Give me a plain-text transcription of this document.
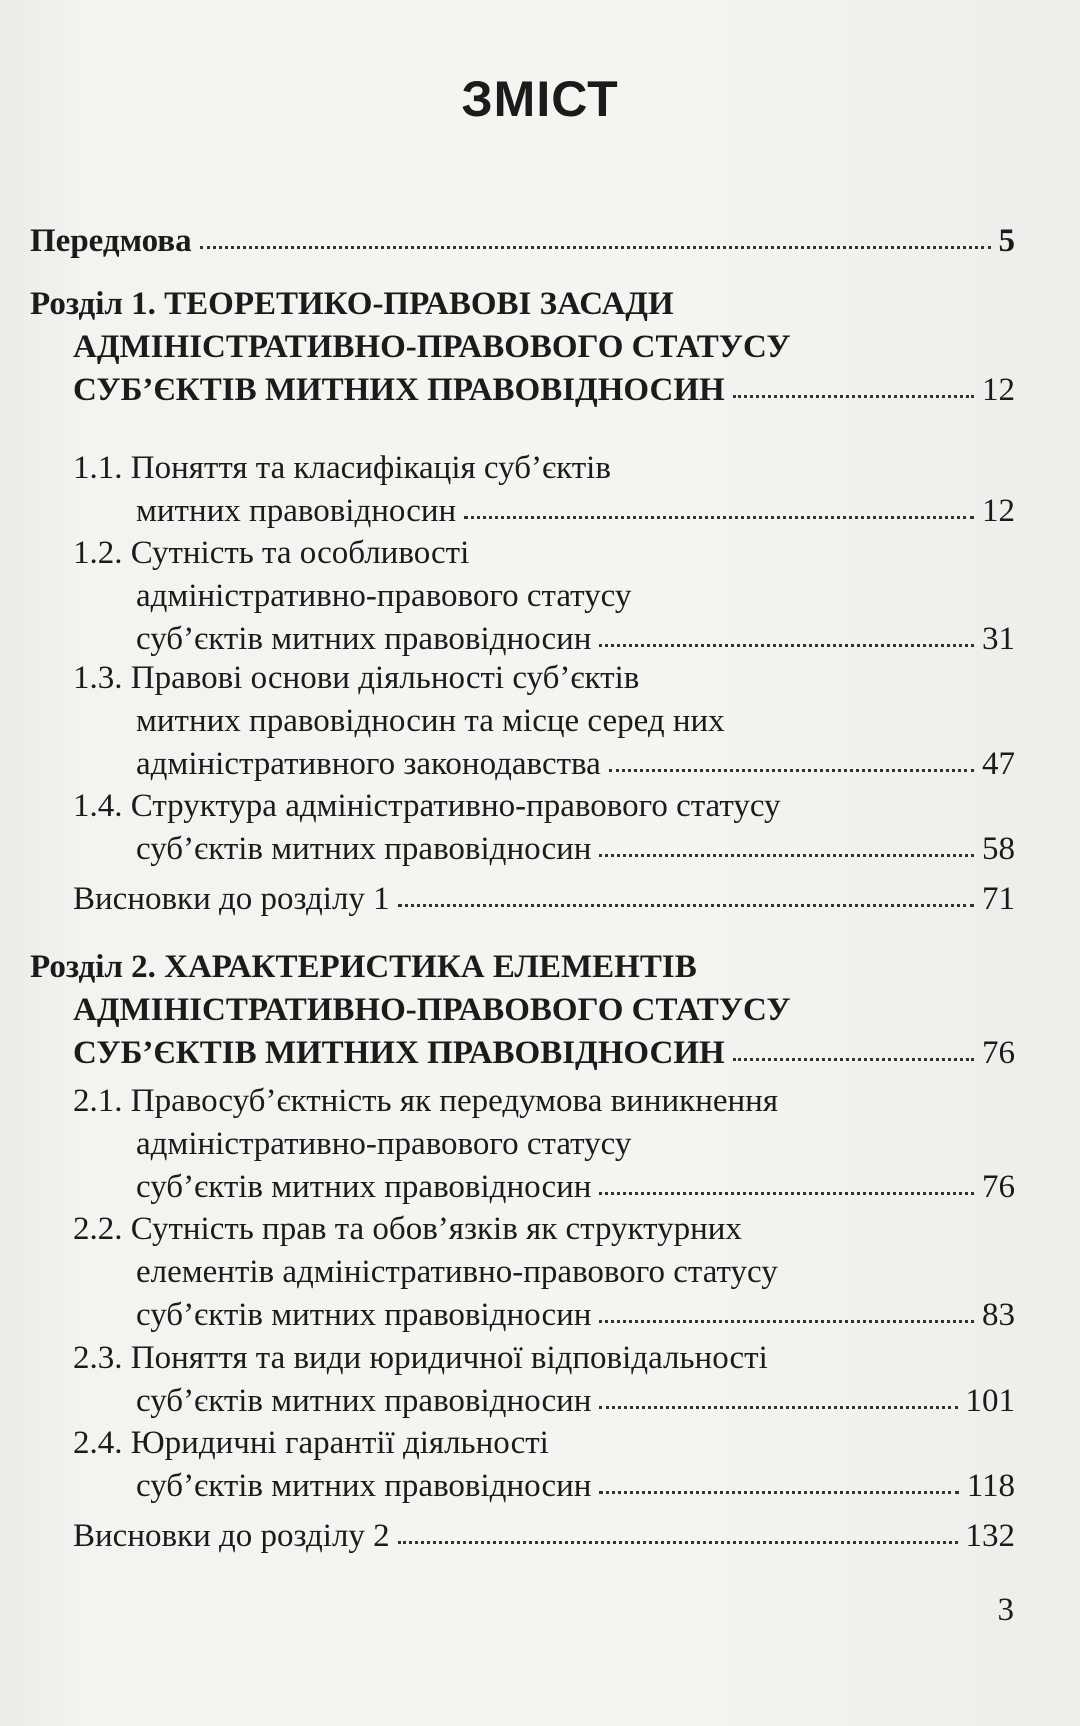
ЗМІСТ
Передмова	5
Розділ 1. ТЕОРЕТИКО-ПРАВОВІ ЗАСАДИ
АДМІНІСТРАТИВНО-ПРАВОВОГО СТАТУСУ
СУБ’ЄКТІВ МИТНИХ ПРАВОВІДНОСИН	12
1.1. Поняття та класифікація суб’єктів
митних правовідносин	12
1.2. Сутність та особливості
адміністративно-правового статусу
суб’єктів митних правовідносин	31
1.3. Правові основи діяльності суб’єктів
митних правовідносин та місце серед них
адміністративного законодавства	47
1.4. Структура адміністративно-правового статусу
суб’єктів митних правовідносин	58
Висновки до розділу 1	71
Розділ 2. ХАРАКТЕРИСТИКА ЕЛЕМЕНТІВ
АДМІНІСТРАТИВНО-ПРАВОВОГО СТАТУСУ
СУБ’ЄКТІВ МИТНИХ ПРАВОВІДНОСИН	76
2.1. Правосуб’єктність як передумова виникнення
адміністративно-правового статусу
суб’єктів митних правовідносин	76
2.2. Сутність прав та обов’язків як структурних
елементів адміністративно-правового статусу
суб’єктів митних правовідносин	83
2.3. Поняття та види юридичної відповідальності
суб’єктів митних правовідносин	101
2.4. Юридичні гарантії діяльності
суб’єктів митних правовідносин	118
Висновки до розділу 2	132
3
